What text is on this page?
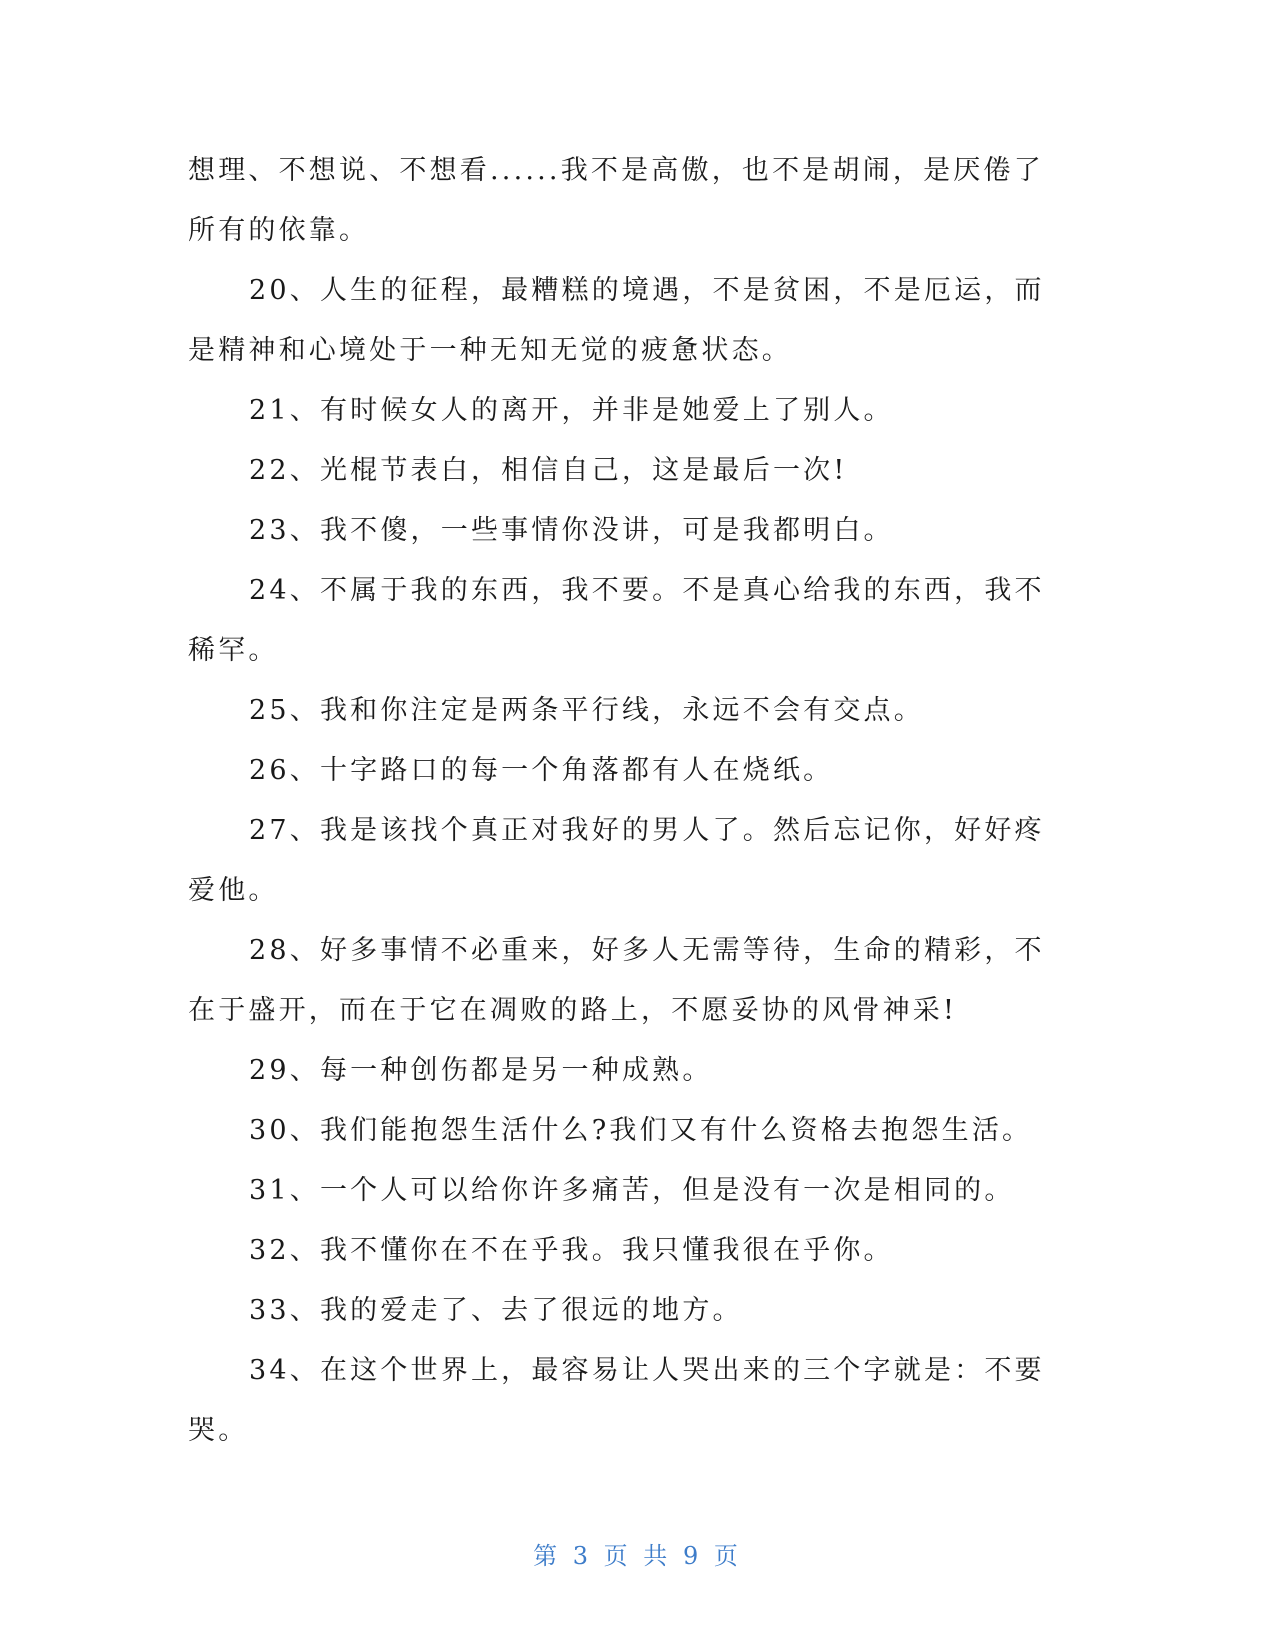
想理、不想说、不想看......我不是高傲，也不是胡闹，是厌倦了所有的依靠。

20、人生的征程，最糟糕的境遇，不是贫困，不是厄运，而是精神和心境处于一种无知无觉的疲惫状态。

21、有时候女人的离开，并非是她爱上了别人。

22、光棍节表白，相信自己，这是最后一次!

23、我不傻，一些事情你没讲，可是我都明白。

24、不属于我的东西，我不要。不是真心给我的东西，我不稀罕。

25、我和你注定是两条平行线，永远不会有交点。

26、十字路口的每一个角落都有人在烧纸。

27、我是该找个真正对我好的男人了。然后忘记你，好好疼爱他。

28、好多事情不必重来，好多人无需等待，生命的精彩，不在于盛开，而在于它在凋败的路上，不愿妥协的风骨神采!

29、每一种创伤都是另一种成熟。

30、我们能抱怨生活什么?我们又有什么资格去抱怨生活。

31、一个人可以给你许多痛苦，但是没有一次是相同的。

32、我不懂你在不在乎我。我只懂我很在乎你。

33、我的爱走了、去了很远的地方。

34、在这个世界上，最容易让人哭出来的三个字就是：不要哭。

第 3 页 共 9 页
